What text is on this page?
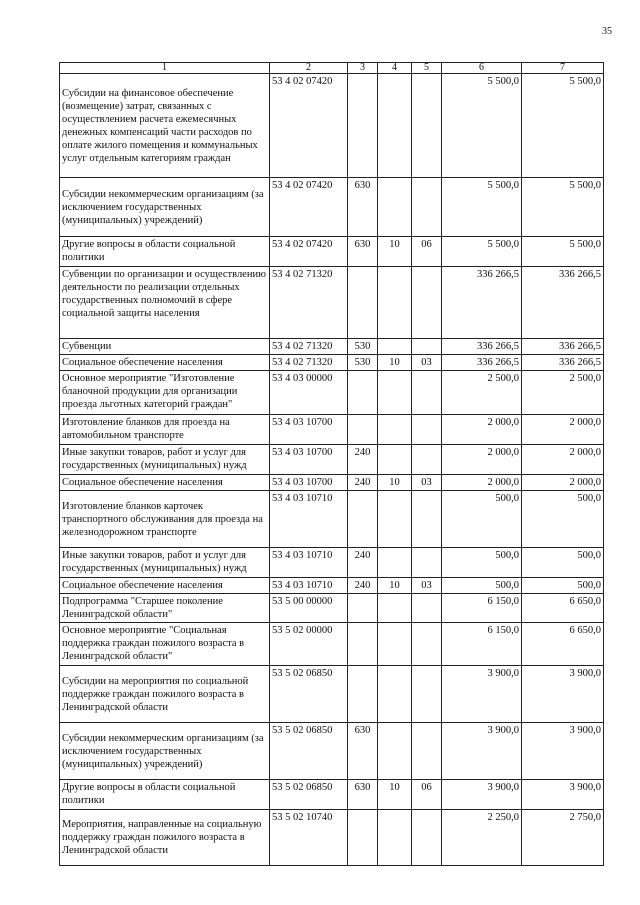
35
1	2	3	4	5	6	7
Субсидии на финансовое обеспечение (возмещение) затрат, связанных с осуществлением расчета ежемесячных денежных компенсаций части расходов по оплате жилого помещения и коммунальных услуг отдельным категориям граждан	53 4 02 07420				5 500,0	5 500,0
Субсидии некоммерческим организациям (за исключением государственных (муниципальных) учреждений)	53 4 02 07420	630			5 500,0	5 500,0
Другие вопросы в области социальной политики	53 4 02 07420	630	10	06	5 500,0	5 500,0
Субвенции по организации и осуществлению деятельности по реализации отдельных государственных полномочий в сфере социальной защиты населения	53 4 02 71320				336 266,5	336 266,5
Субвенции	53 4 02 71320	530			336 266,5	336 266,5
Социальное обеспечение населения	53 4 02 71320	530	10	03	336 266,5	336 266,5
Основное мероприятие "Изготовление бланочной продукции для организации проезда льготных категорий граждан"	53 4 03 00000				2 500,0	2 500,0
Изготовление бланков для проезда на автомобильном транспорте	53 4 03 10700				2 000,0	2 000,0
Иные закупки товаров, работ и услуг для государственных (муниципальных) нужд	53 4 03 10700	240			2 000,0	2 000,0
Социальное обеспечение населения	53 4 03 10700	240	10	03	2 000,0	2 000,0
Изготовление бланков карточек транспортного обслуживания для проезда на железнодорожном транспорте	53 4 03 10710				500,0	500,0
Иные закупки товаров, работ и услуг для государственных (муниципальных) нужд	53 4 03 10710	240			500,0	500,0
Социальное обеспечение населения	53 4 03 10710	240	10	03	500,0	500,0
Подпрограмма "Старшее поколение Ленинградской области"	53 5 00 00000				6 150,0	6 650,0
Основное мероприятие "Социальная поддержка граждан пожилого возраста в Ленинградской области"	53 5 02 00000				6 150,0	6 650,0
Субсидии на мероприятия по социальной поддержке граждан пожилого возраста в Ленинградской области	53 5 02 06850				3 900,0	3 900,0
Субсидии некоммерческим организациям (за исключением государственных (муниципальных) учреждений)	53 5 02 06850	630			3 900,0	3 900,0
Другие вопросы в области социальной политики	53 5 02 06850	630	10	06	3 900,0	3 900,0
Мероприятия, направленные на социальную поддержку граждан пожилого возраста в Ленинградской области	53 5 02 10740				2 250,0	2 750,0
